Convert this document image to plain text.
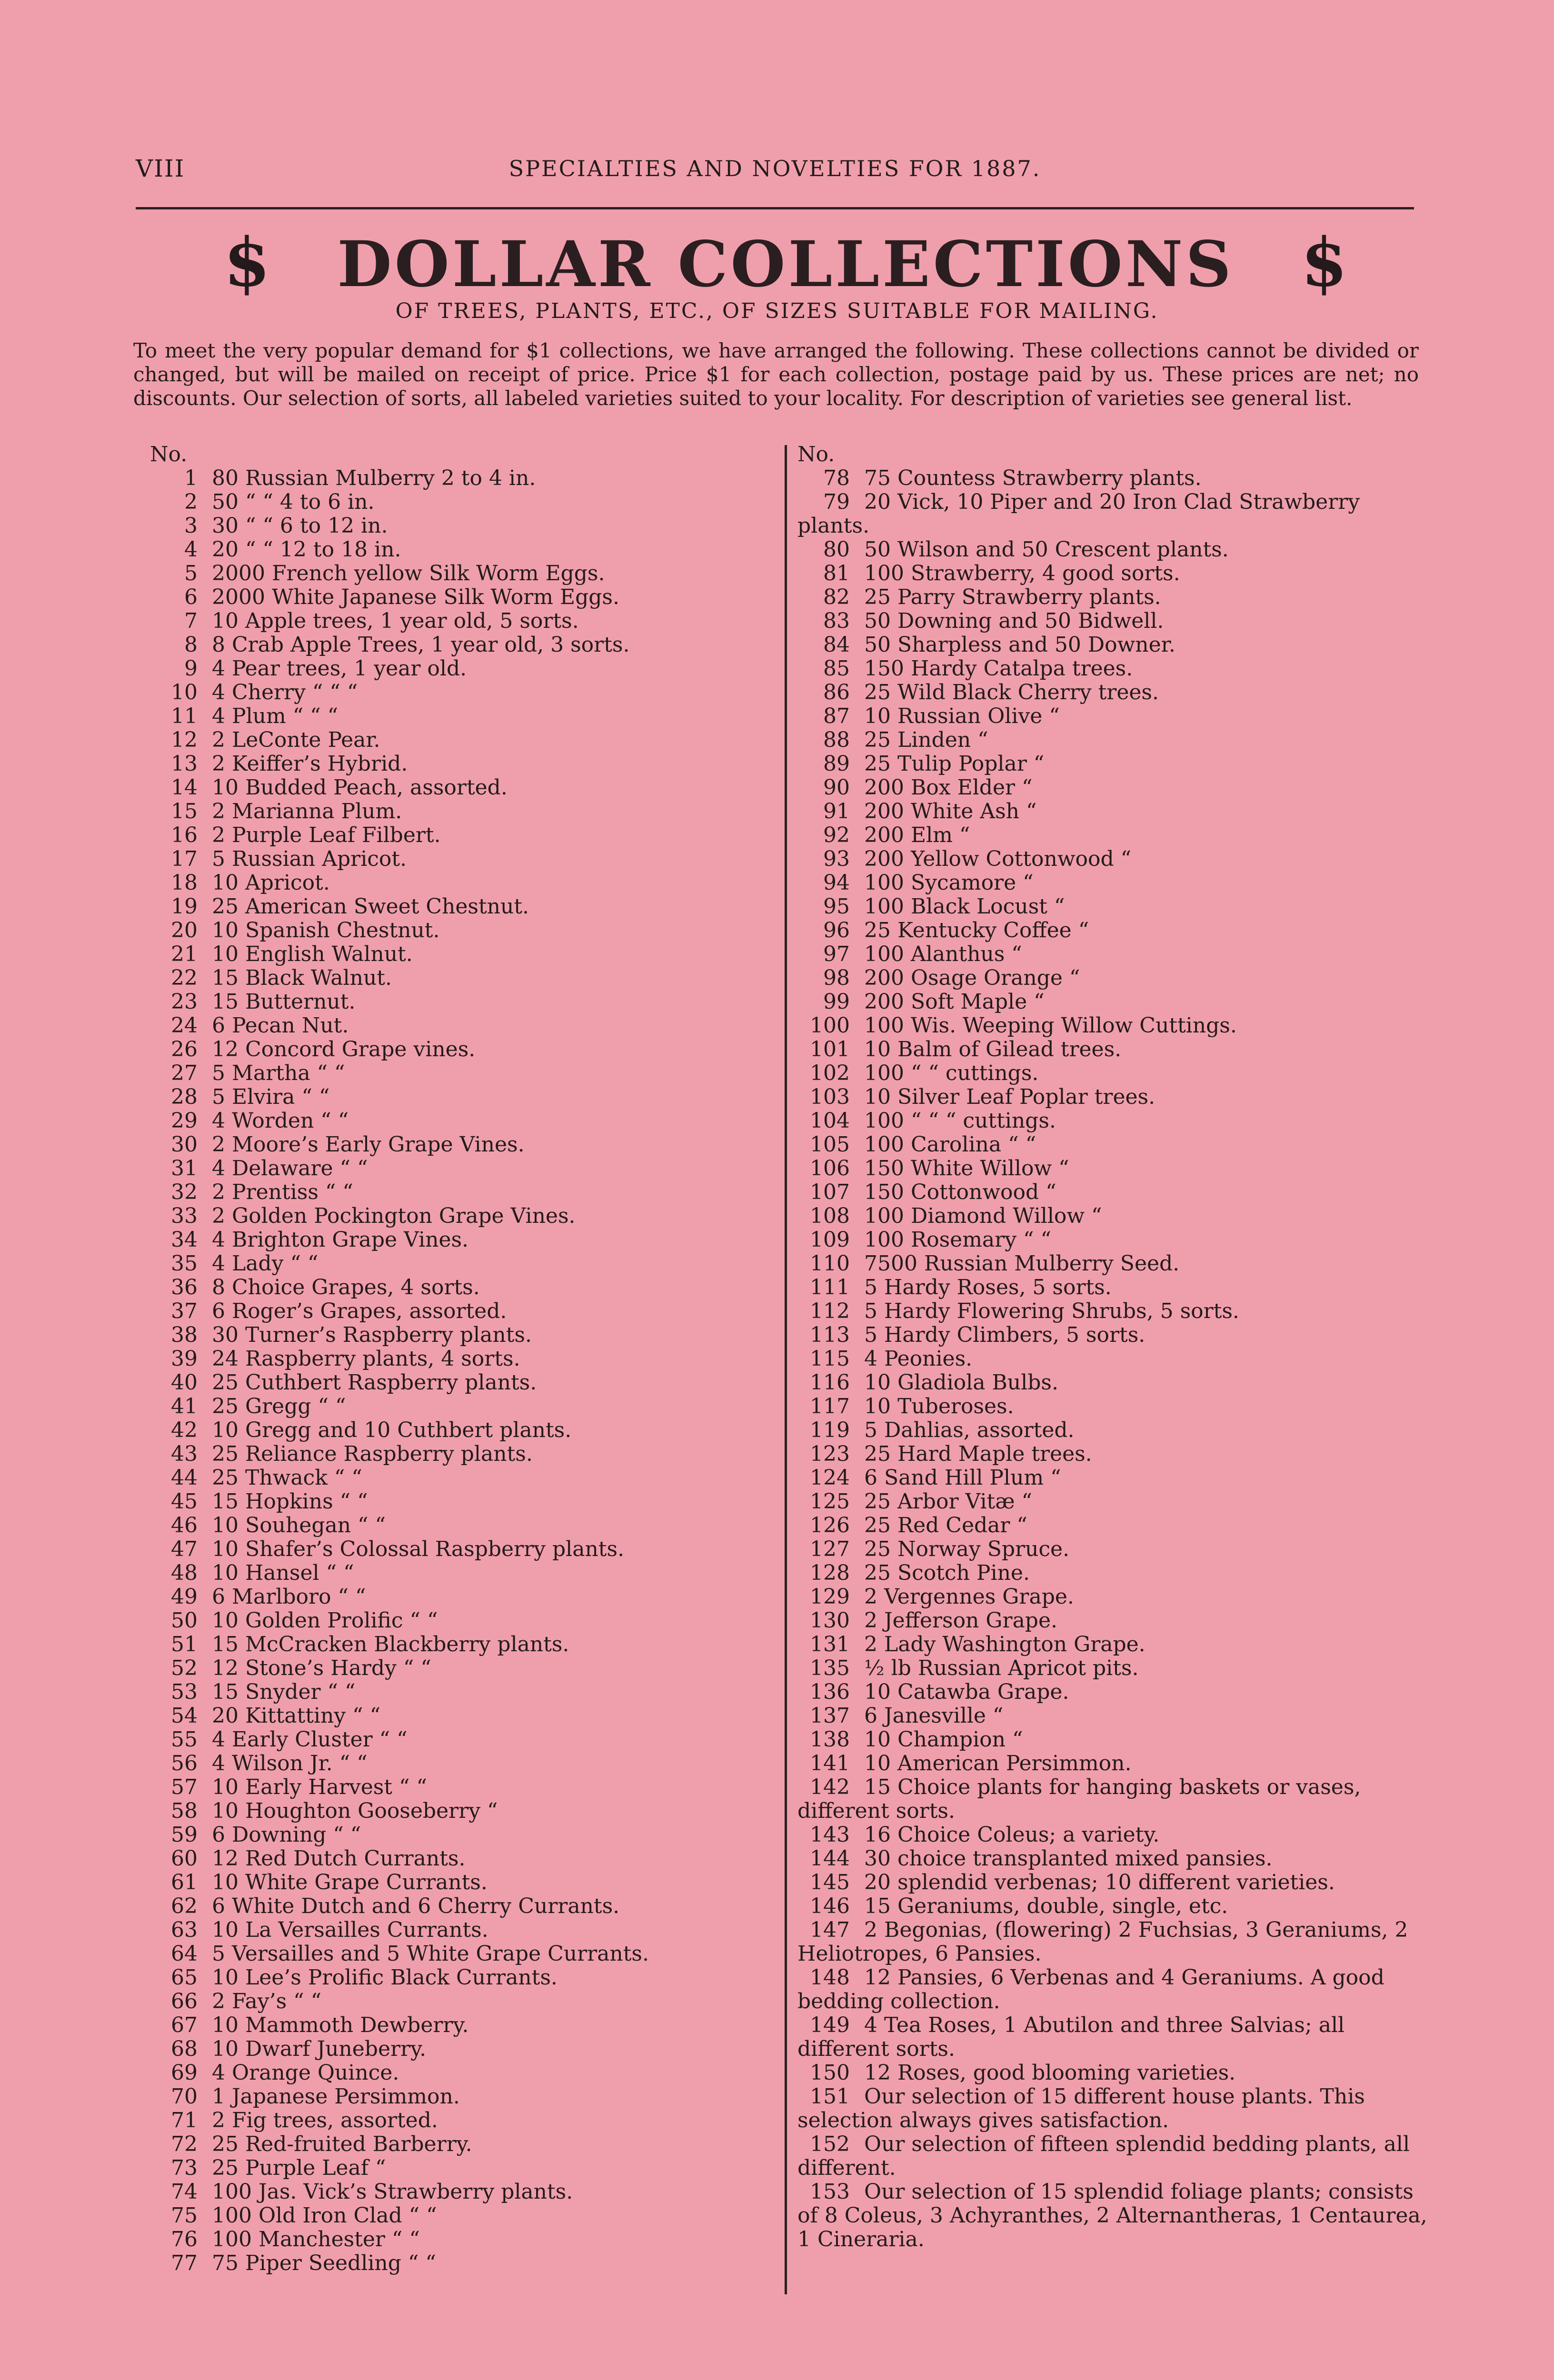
VIII	SPECIALTIES AND NOVELTIES FOR 1887.
$	DOLLAR COLLECTIONS	$
OF TREES, PLANTS, ETC., OF SIZES SUITABLE FOR MAILING.

To meet the very popular demand for $1 collections, we have arranged the following. These collections cannot be divided or changed, but will be mailed on receipt of price. Price $1 for each collection, postage paid by us. These prices are net; no discounts. Our selection of sorts, all labeled varieties suited to your locality. For description of varieties see general list.

No.
1 80 Russian Mulberry 2 to 4 in.
2 50 “ “ 4 to 6 in.
3 30 “ “ 6 to 12 in.
4 20 “ “ 12 to 18 in.
5 2000 French yellow Silk Worm Eggs.
6 2000 White Japanese Silk Worm Eggs.
7 10 Apple trees, 1 year old, 5 sorts.
8 8 Crab Apple Trees, 1 year old, 3 sorts.
9 4 Pear trees, 1 year old.
10 4 Cherry “ “ “
11 4 Plum “ “ “
12 2 LeConte Pear.
13 2 Keiffer’s Hybrid.
14 10 Budded Peach, assorted.
15 2 Marianna Plum.
16 2 Purple Leaf Filbert.
17 5 Russian Apricot.
18 10 Apricot.
19 25 American Sweet Chestnut.
20 10 Spanish Chestnut.
21 10 English Walnut.
22 15 Black Walnut.
23 15 Butternut.
24 6 Pecan Nut.
26 12 Concord Grape vines.
27 5 Martha “ “
28 5 Elvira “ “
29 4 Worden “ “
30 2 Moore’s Early Grape Vines.
31 4 Delaware “ “
32 2 Prentiss “ “
33 2 Golden Pockington Grape Vines.
34 4 Brighton Grape Vines.
35 4 Lady “ “
36 8 Choice Grapes, 4 sorts.
37 6 Roger’s Grapes, assorted.
38 30 Turner’s Raspberry plants.
39 24 Raspberry plants, 4 sorts.
40 25 Cuthbert Raspberry plants.
41 25 Gregg “ “
42 10 Gregg and 10 Cuthbert plants.
43 25 Reliance Raspberry plants.
44 25 Thwack “ “
45 15 Hopkins “ “
46 10 Souhegan “ “
47 10 Shafer’s Colossal Raspberry plants.
48 10 Hansel “ “
49 6 Marlboro “ “
50 10 Golden Prolific “ “
51 15 McCracken Blackberry plants.
52 12 Stone’s Hardy “ “
53 15 Snyder “ “
54 20 Kittattiny “ “
55 4 Early Cluster “ “
56 4 Wilson Jr. “ “
57 10 Early Harvest “ “
58 10 Houghton Gooseberry “
59 6 Downing “ “
60 12 Red Dutch Currants.
61 10 White Grape Currants.
62 6 White Dutch and 6 Cherry Currants.
63 10 La Versailles Currants.
64 5 Versailles and 5 White Grape Currants.
65 10 Lee’s Prolific Black Currants.
66 2 Fay’s “ “
67 10 Mammoth Dewberry.
68 10 Dwarf Juneberry.
69 4 Orange Quince.
70 1 Japanese Persimmon.
71 2 Fig trees, assorted.
72 25 Red-fruited Barberry.
73 25 Purple Leaf “
74 100 Jas. Vick’s Strawberry plants.
75 100 Old Iron Clad “ “
76 100 Manchester “ “
77 75 Piper Seedling “ “
No.
78 75 Countess Strawberry plants.
79 20 Vick, 10 Piper and 20 Iron Clad Strawberry plants.
80 50 Wilson and 50 Crescent plants.
81 100 Strawberry, 4 good sorts.
82 25 Parry Strawberry plants.
83 50 Downing and 50 Bidwell.
84 50 Sharpless and 50 Downer.
85 150 Hardy Catalpa trees.
86 25 Wild Black Cherry trees.
87 10 Russian Olive “
88 25 Linden “
89 25 Tulip Poplar “
90 200 Box Elder “
91 200 White Ash “
92 200 Elm “
93 200 Yellow Cottonwood “
94 100 Sycamore “
95 100 Black Locust “
96 25 Kentucky Coffee “
97 100 Alanthus “
98 200 Osage Orange “
99 200 Soft Maple “
100 100 Wis. Weeping Willow Cuttings.
101 10 Balm of Gilead trees.
102 100 “ “ cuttings.
103 10 Silver Leaf Poplar trees.
104 100 “ “ “ cuttings.
105 100 Carolina “ “
106 150 White Willow “
107 150 Cottonwood “
108 100 Diamond Willow “
109 100 Rosemary “ “
110 7500 Russian Mulberry Seed.
111 5 Hardy Roses, 5 sorts.
112 5 Hardy Flowering Shrubs, 5 sorts.
113 5 Hardy Climbers, 5 sorts.
115 4 Peonies.
116 10 Gladiola Bulbs.
117 10 Tuberoses.
119 5 Dahlias, assorted.
123 25 Hard Maple trees.
124 6 Sand Hill Plum “
125 25 Arbor Vitæ “
126 25 Red Cedar “
127 25 Norway Spruce.
128 25 Scotch Pine.
129 2 Vergennes Grape.
130 2 Jefferson Grape.
131 2 Lady Washington Grape.
135 ½ lb Russian Apricot pits.
136 10 Catawba Grape.
137 6 Janesville “
138 10 Champion “
141 10 American Persimmon.
142 15 Choice plants for hanging baskets or vases, different sorts.
143 16 Choice Coleus; a variety.
144 30 choice transplanted mixed pansies.
145 20 splendid verbenas; 10 different varieties.
146 15 Geraniums, double, single, etc.
147 2 Begonias, (flowering) 2 Fuchsias, 3 Geraniums, 2 Heliotropes, 6 Pansies.
148 12 Pansies, 6 Verbenas and 4 Geraniums. A good bedding collection.
149 4 Tea Roses, 1 Abutilon and three Salvias; all different sorts.
150 12 Roses, good blooming varieties.
151 Our selection of 15 different house plants. This selection always gives satisfaction.
152 Our selection of fifteen splendid bedding plants, all different.
153 Our selection of 15 splendid foliage plants; consists of 8 Coleus, 3 Achyranthes, 2 Alternantheras, 1 Centaurea, 1 Cineraria.
